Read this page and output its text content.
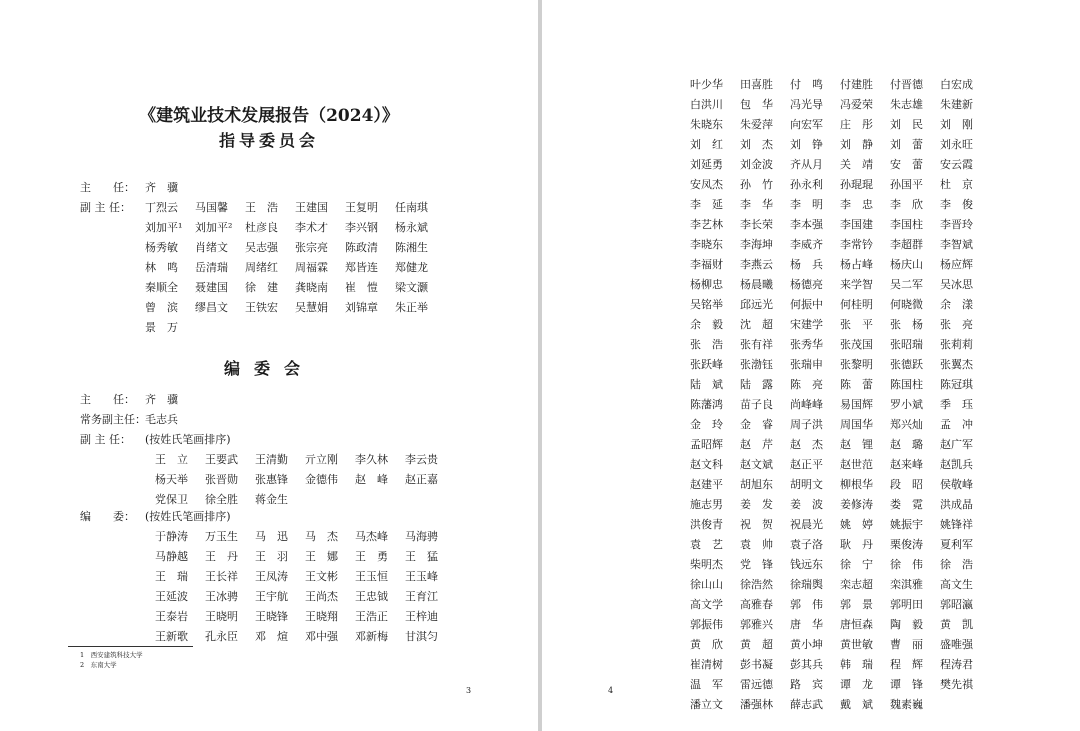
《建筑业技术发展报告（2024）》
指导委员会
主　　任： 齐　骥
副 主 任：	丁烈云 马国馨 王　浩 王建国 王复明 任南琪
刘加平¹ 刘加平² 杜彦良 李术才 李兴钢 杨永斌
杨秀敏 肖绪文 吴志强 张宗亮 陈政清 陈湘生
林　鸣 岳清瑞 周绪红 周福霖 郑皆连 郑健龙
秦顺全 聂建国 徐　建 龚晓南 崔　愷 梁文灏
曾　滨 缪昌文 王铁宏 吴慧娟 刘锦章 朱正举
景　万
编委会
主　　任： 齐　骥
常务副主任： 毛志兵
副 主 任：	(按姓氏笔画排序)
王　立 王要武 王清勤 亓立刚 李久林 李云贵
杨天举 张晋勋 张惠锋 金德伟 赵　峰 赵正嘉
党保卫 徐全胜 蒋金生
编　　委： (按姓氏笔画排序)
于静涛 万玉生 马　迅 马　杰 马杰峰 马海骋
马静越 王　丹 王　羽 王　娜 王　勇 王　猛
王　瑞 王长祥 王凤涛 王文彬 王玉恒 王玉峰
王延波 王冰骋 王宇航 王尚杰 王忠钺 王育江
王泰岩 王晓明 王晓锋 王晓翔 王浩正 王梓迪
王新歌 孔永臣 邓　煊 邓中强 邓新梅 甘淇匀
1　西安建筑科技大学
2　东南大学
3
叶少华 田喜胜 付　鸣 付建胜 付晋德 白宏成
白洪川 包　华 冯光导 冯爱荣 朱志雄 朱建新
朱晓东 朱爱萍 向宏军 庄　彤 刘　民 刘　刚
刘　红 刘　杰 刘　铮 刘　静 刘　蕾 刘永旺
刘延勇 刘金波 齐从月 关　靖 安　蕾 安云霞
安凤杰 孙　竹 孙永利 孙琨琨 孙国平 杜　京
李　延 李　华 李　明 李　忠 李　欣 李　俊
李艺林 李长荣 李本强 李国建 李国柱 李晋玲
李晓东 李海坤 李威齐 李常钤 李超群 李智斌
李福财 李燕云 杨　兵 杨占峰 杨庆山 杨应辉
杨柳忠 杨晨曦 杨德亮 来学智 吴二军 吴冰思
吴铭举 邱远光 何振中 何桂明 何晓微 余　漾
余　毅 沈　超 宋建学 张　平 张　杨 张　亮
张　浩 张有祥 张秀华 张茂国 张昭瑞 张莉莉
张跃峰 张渤钰 张瑞申 张黎明 张德跃 张翼杰
陆　斌 陆　露 陈　亮 陈　蕾 陈国柱 陈冠琪
陈藩鸿 苗子良 尚峰峰 易国辉 罗小斌 季　珏
金　玲 金　睿 周子洪 周国华 郑兴灿 孟　冲
孟昭辉 赵　芹 赵　杰 赵　锂 赵　璐 赵广军
赵文科 赵文斌 赵正平 赵世范 赵来峰 赵凯兵
赵建平 胡旭东 胡明文 柳根华 段　昭 侯敬峰
施志男 姜　发 姜　波 姜修涛 娄　霓 洪成晶
洪俊青 祝　贺 祝晨光 姚　婷 姚振宇 姚锋祥
袁　艺 袁　帅 袁子洛 耿　丹 栗俊涛 夏利军
柴明杰 党　锋 钱远东 徐　宁 徐　伟 徐　浩
徐山山 徐浩然 徐瑞舆 栾志超 栾淇雅 高文生
高文学 高雅春 郭　伟 郭　景 郭明田 郭昭瀛
郭振伟 郭雅兴 唐　华 唐恒森 陶　毅 黄　凯
黄　欣 黄　超 黄小坤 黄世敏 曹　丽 盛唯强
崔清树 彭书凝 彭其兵 韩　瑞 程　辉 程涛君
温　军 雷远德 路　宾 谭　龙 谭　锋 樊先祺
潘立文 潘强林 薛志武 戴　斌 魏素巍
4
